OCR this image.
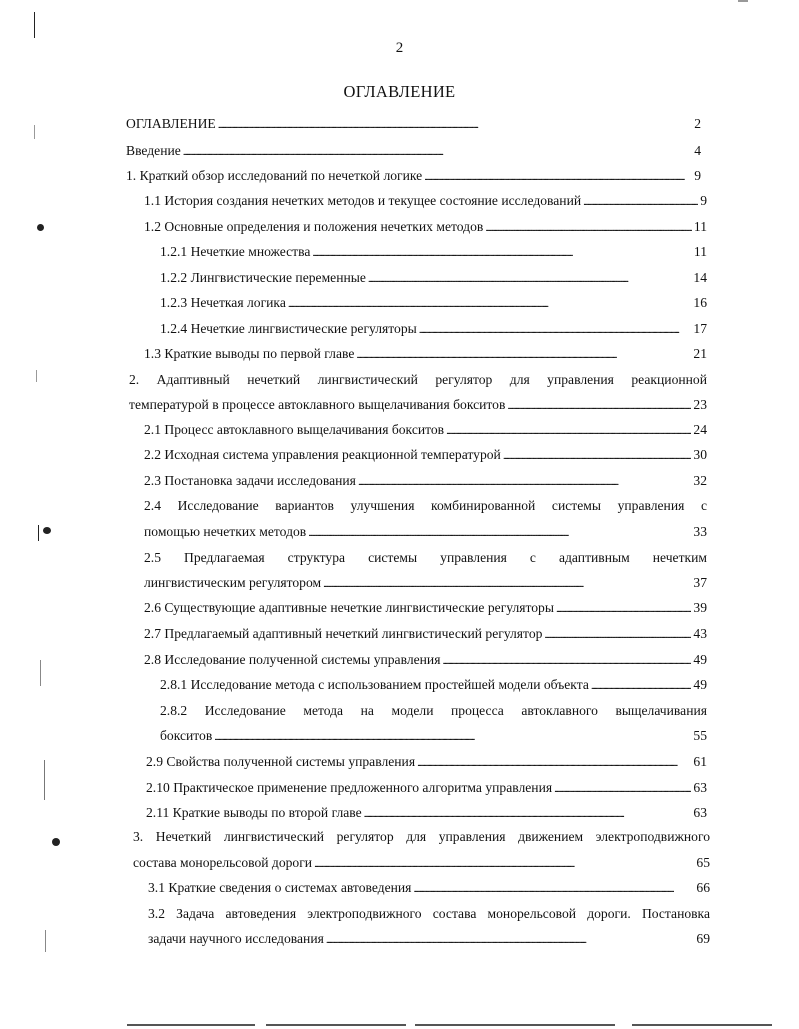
2
ОГЛАВЛЕНИЕ
ОГЛАВЛЕНИЕ . . .	2
Введение . . .	4
1. Краткий обзор исследований по нечеткой логике . . .	9
1.1 История создания нечетких методов и текущее состояние исследований . . .	9
1.2 Основные определения и положения нечетких методов . . .	11
1.2.1 Нечеткие множества . . .	11
1.2.2 Лингвистические переменные . . .	14
1.2.3 Нечеткая логика . . .	16
1.2.4 Нечеткие лингвистические регуляторы . . .	17
1.3 Краткие выводы по первой главе . . .	21
2. Адаптивный нечеткий лингвистический регулятор для управления реакционной
температурой в процессе автоклавного выщелачивания бокситов . . .	23
2.1 Процесс автоклавного выщелачивания бокситов . . .	24
2.2 Исходная система управления реакционной температурой . . .	30
2.3 Постановка задачи исследования . . .	32
2.4 Исследование вариантов улучшения комбинированной системы управления с
помощью нечетких методов . . .	33
2.5 Предлагаемая структура системы управления с адаптивным нечетким
лингвистическим регулятором . . .	37
2.6 Существующие адаптивные нечеткие лингвистические регуляторы . . .	39
2.7 Предлагаемый адаптивный нечеткий лингвистический регулятор . . .	43
2.8 Исследование полученной системы управления . . .	49
2.8.1 Исследование метода с использованием простейшей модели объекта . . .	49
2.8.2 Исследование метода на модели процесса автоклавного выщелачивания
бокситов . . .	55
2.9 Свойства полученной системы управления . . .	61
2.10 Практическое применение предложенного алгоритма управления . . .	63
2.11 Краткие выводы по второй главе . . .	63
3. Нечеткий лингвистический регулятор для управления движением электроподвижного
состава монорельсовой дороги . . .	65
3.1 Краткие сведения о системах автоведения . . .	66
3.2 Задача автоведения электроподвижного состава монорельсовой дороги. Постановка
задачи научного исследования . . .	69
